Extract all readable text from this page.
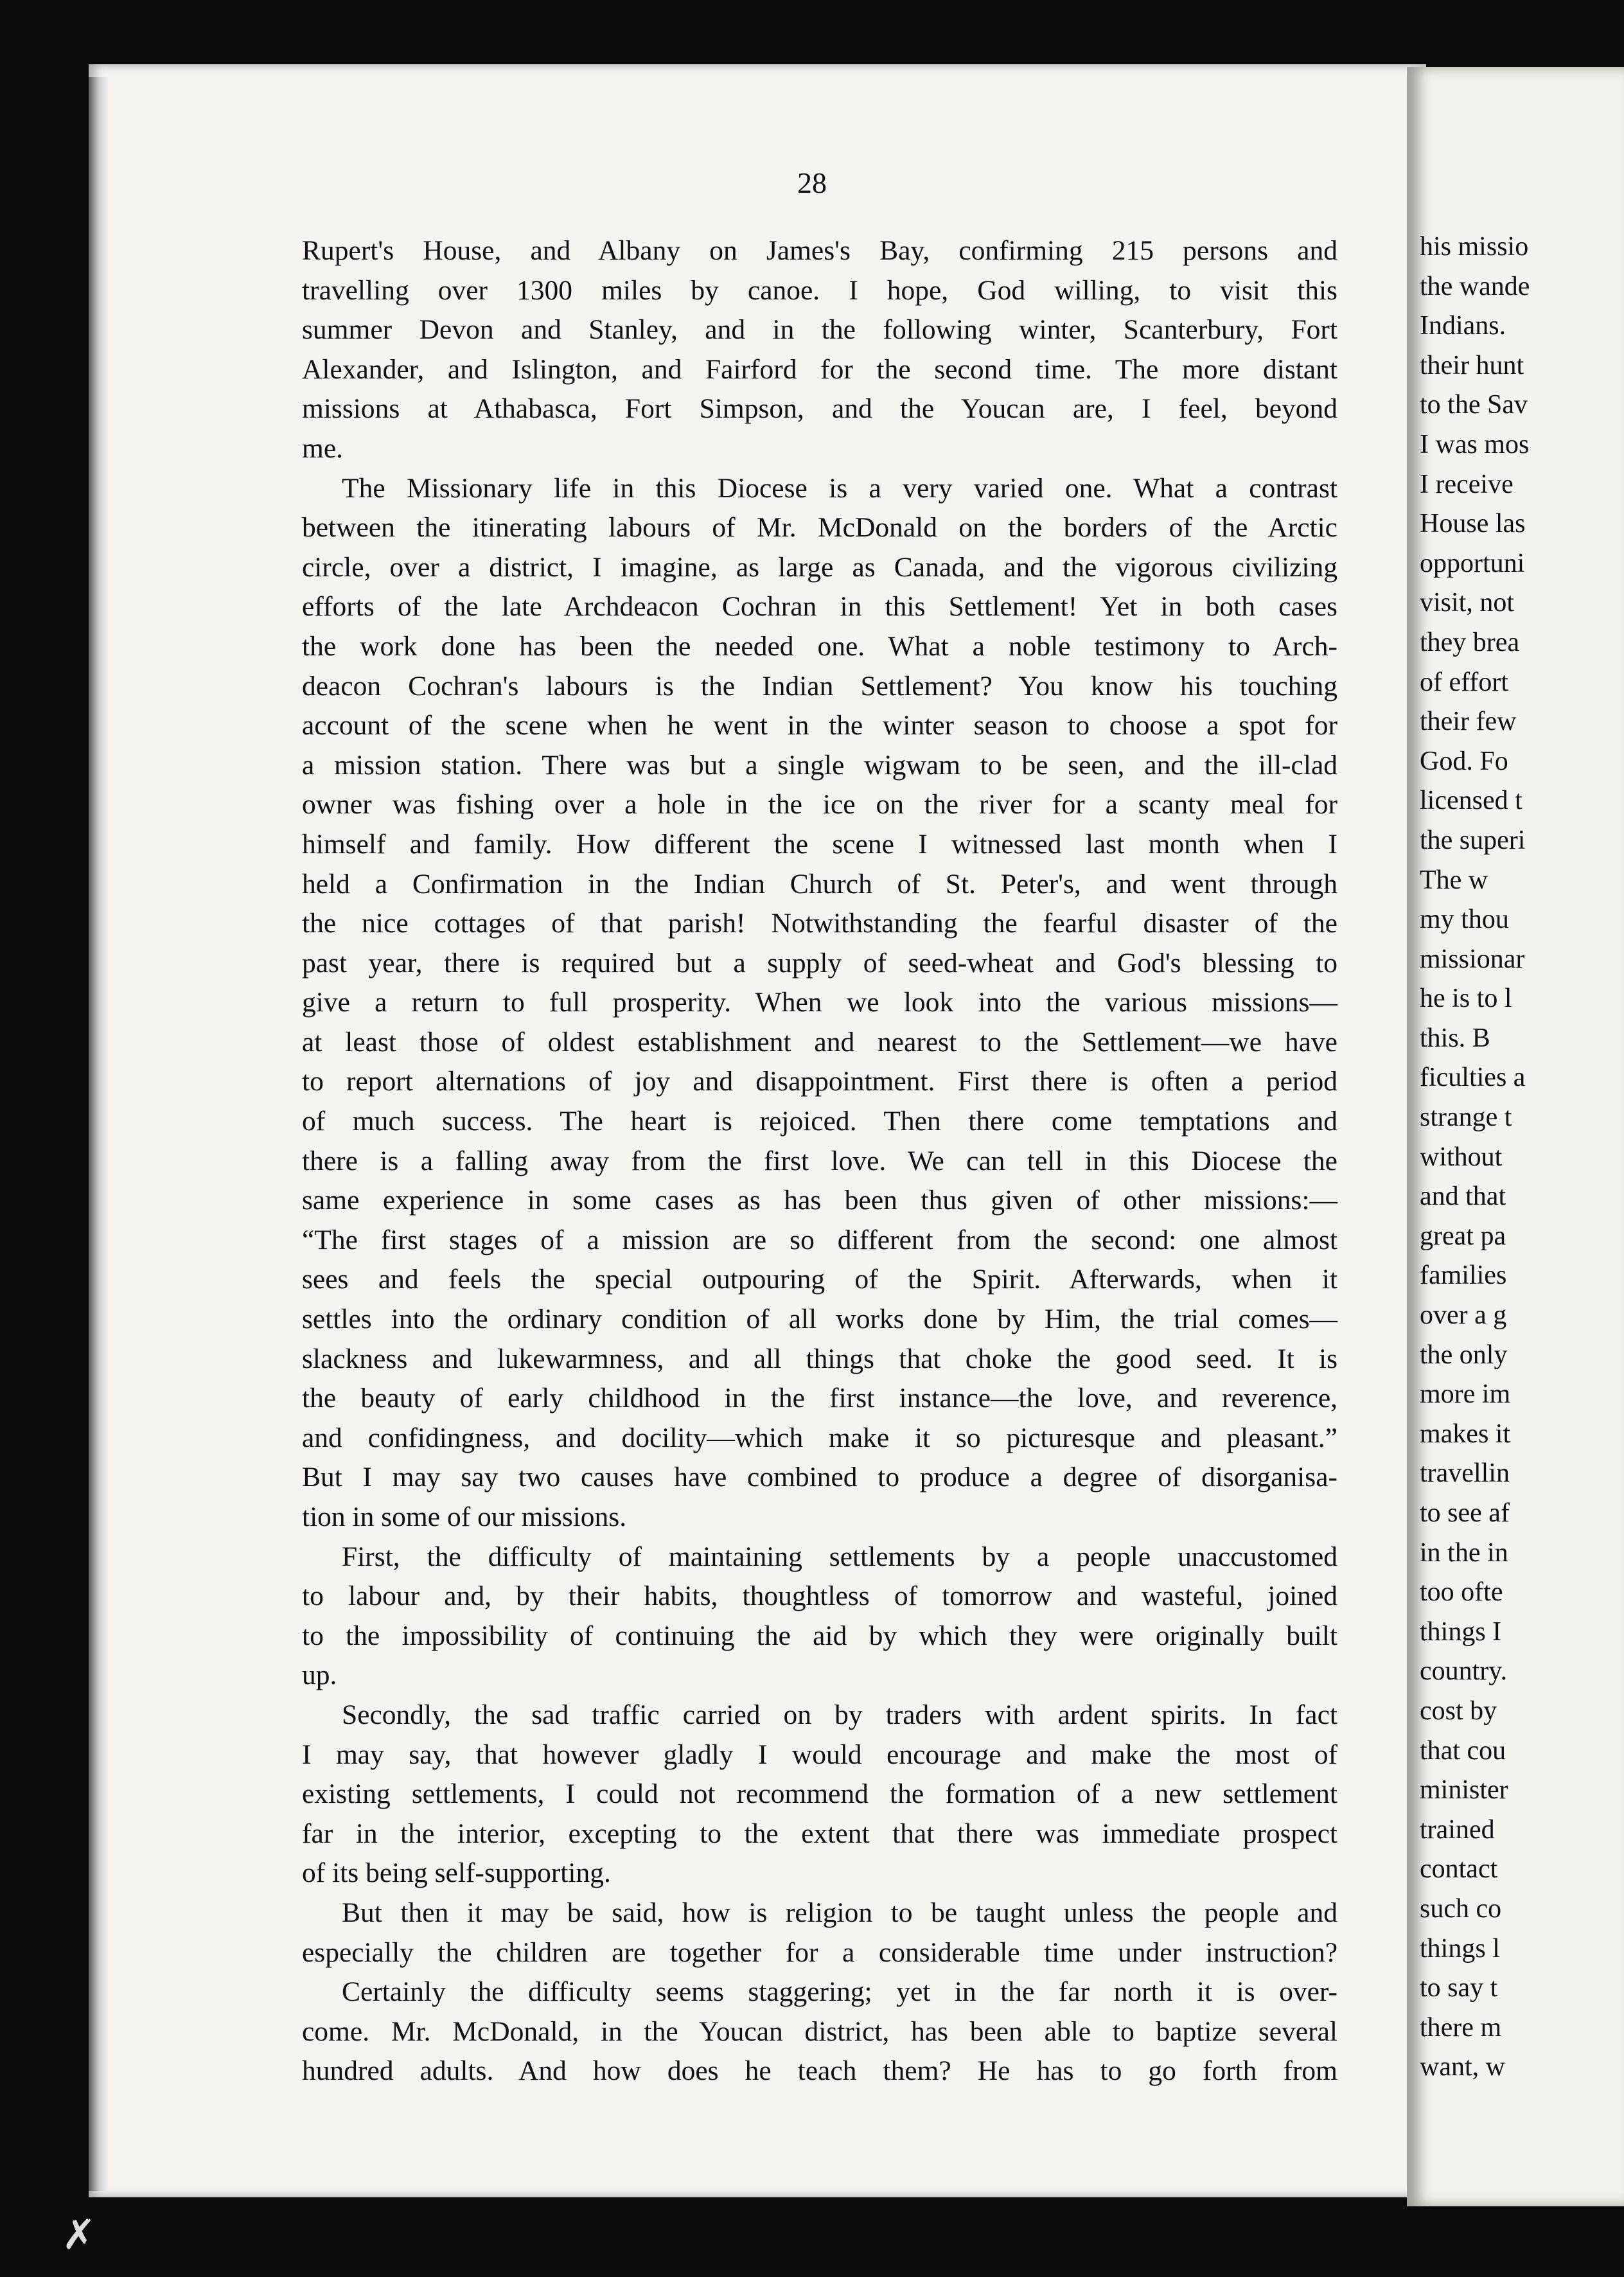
28
Rupert's House, and Albany on James's Bay, confirming 215 persons and
travelling over 1300 miles by canoe. I hope, God willing, to visit this
summer Devon and Stanley, and in the following winter, Scanterbury, Fort
Alexander, and Islington, and Fairford for the second time. The more distant
missions at Athabasca, Fort Simpson, and the Youcan are, I feel, beyond
me.
The Missionary life in this Diocese is a very varied one. What a contrast
between the itinerating labours of Mr. McDonald on the borders of the Arctic
circle, over a district, I imagine, as large as Canada, and the vigorous civilizing
efforts of the late Archdeacon Cochran in this Settlement! Yet in both cases
the work done has been the needed one. What a noble testimony to Arch-
deacon Cochran's labours is the Indian Settlement? You know his touching
account of the scene when he went in the winter season to choose a spot for
a mission station. There was but a single wigwam to be seen, and the ill-clad
owner was fishing over a hole in the ice on the river for a scanty meal for
himself and family. How different the scene I witnessed last month when I
held a Confirmation in the Indian Church of St. Peter's, and went through
the nice cottages of that parish! Notwithstanding the fearful disaster of the
past year, there is required but a supply of seed-wheat and God's blessing to
give a return to full prosperity. When we look into the various missions—
at least those of oldest establishment and nearest to the Settlement—we have
to report alternations of joy and disappointment. First there is often a period
of much success. The heart is rejoiced. Then there come temptations and
there is a falling away from the first love. We can tell in this Diocese the
same experience in some cases as has been thus given of other missions:—
“The first stages of a mission are so different from the second: one almost
sees and feels the special outpouring of the Spirit. Afterwards, when it
settles into the ordinary condition of all works done by Him, the trial comes—
slackness and lukewarmness, and all things that choke the good seed. It is
the beauty of early childhood in the first instance—the love, and reverence,
and confidingness, and docility—which make it so picturesque and pleasant.”
But I may say two causes have combined to produce a degree of disorganisa-
tion in some of our missions.
First, the difficulty of maintaining settlements by a people unaccustomed
to labour and, by their habits, thoughtless of tomorrow and wasteful, joined
to the impossibility of continuing the aid by which they were originally built
up.
Secondly, the sad traffic carried on by traders with ardent spirits. In fact
I may say, that however gladly I would encourage and make the most of
existing settlements, I could not recommend the formation of a new settlement
far in the interior, excepting to the extent that there was immediate prospect
of its being self-supporting.
But then it may be said, how is religion to be taught unless the people and
especially the children are together for a considerable time under instruction?
Certainly the difficulty seems staggering; yet in the far north it is over-
come. Mr. McDonald, in the Youcan district, has been able to baptize several
hundred adults. And how does he teach them? He has to go forth from
his missio
the wande
Indians.
their hunt
to the Sav
I was mos
I receive
House las
opportuni
visit, not
they brea
of effort
their few
God. Fo
licensed t
the superi
The w
my thou
missionar
he is to l
this. B
ficulties a
strange t
without
and that
great pa
families
over a g
the only
more im
makes it
travellin
to see af
in the in
too ofte
things I
country.
cost by
that cou
minister
trained
contact
such co
things l
to say t
there m
want, w
✗
